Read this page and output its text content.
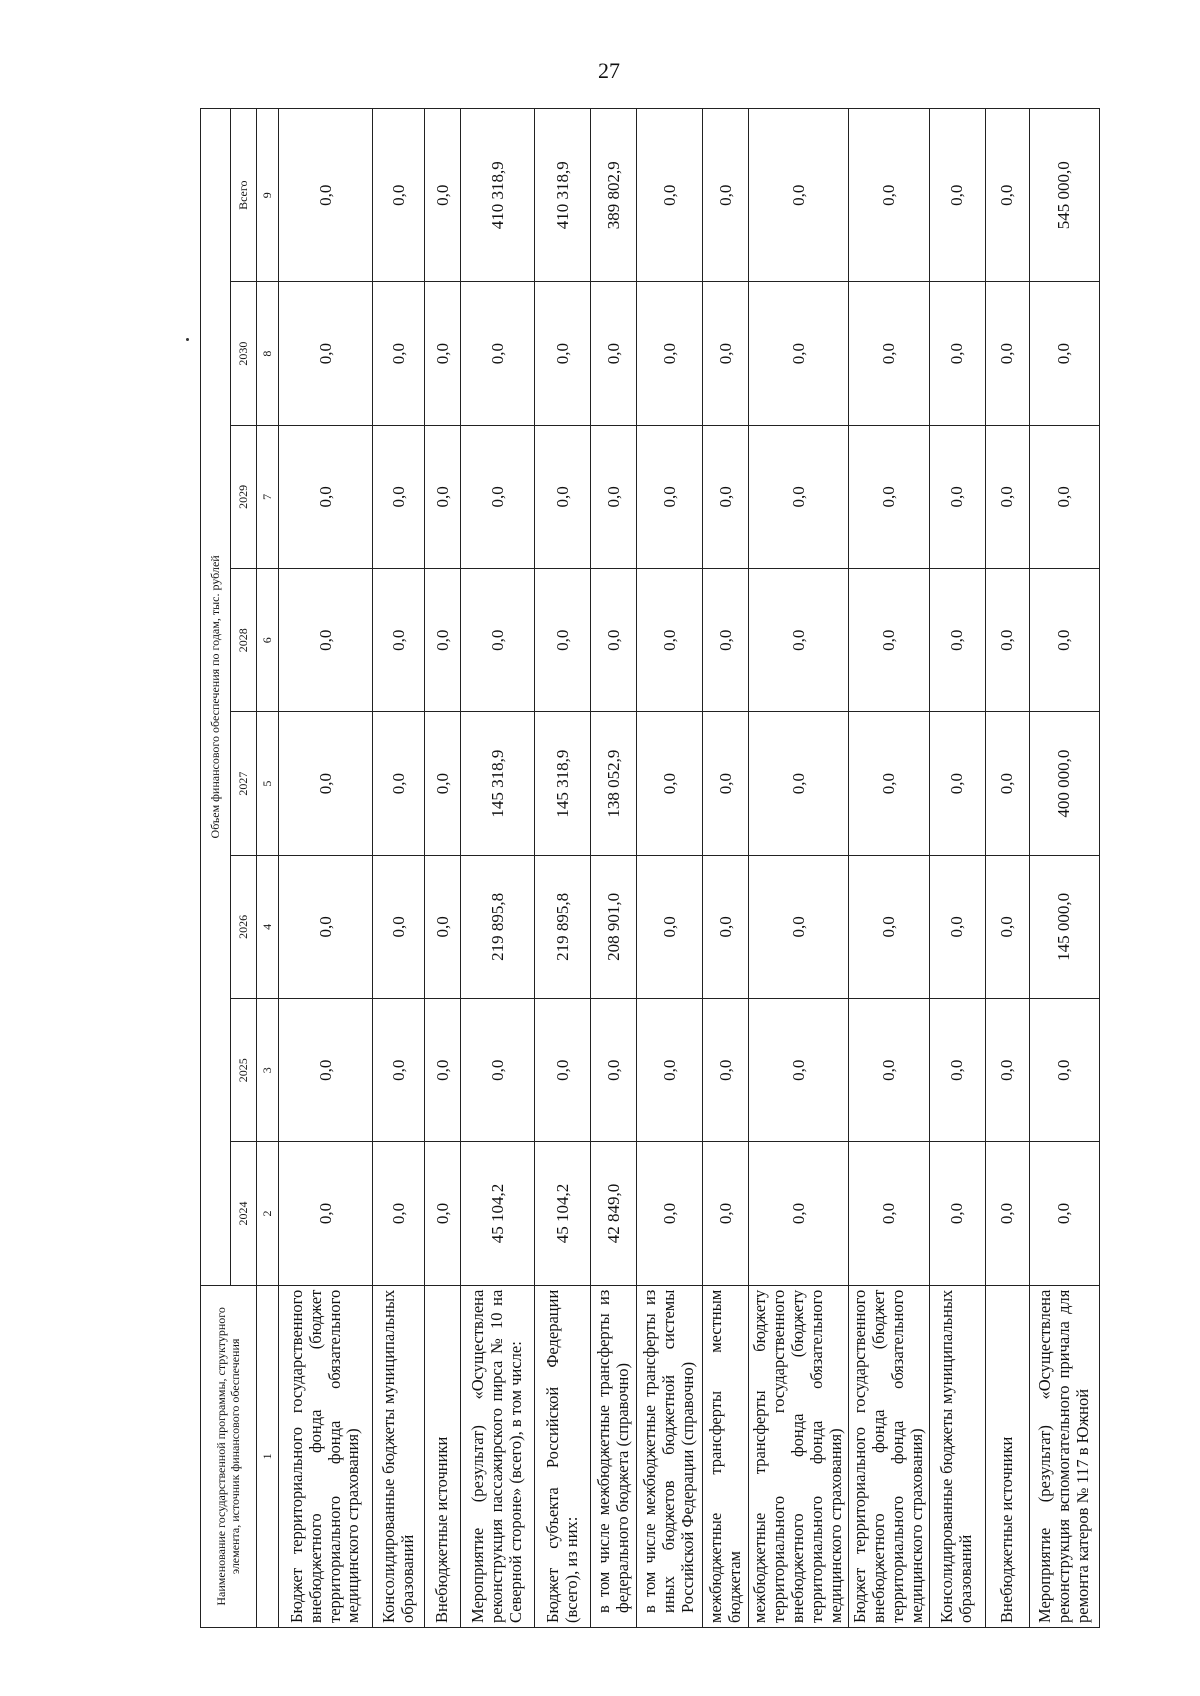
27
Наименование государственной программы, структурного элемента, источник финансового обеспечения	Объем финансового обеспечения по годам, тыс. рублей							
	2024	2025	2026	2027	2028	2029	2030	Всего
1	2	3	4	5	6	7	8	9
Бюджет территориального государственного внебюджетного фонда (бюджет территориального фонда обязательного медицинского страхования)	0,0	0,0	0,0	0,0	0,0	0,0	0,0	0,0
Консолидированные бюджеты муниципальных образований	0,0	0,0	0,0	0,0	0,0	0,0	0,0	0,0
Внебюджетные источники	0,0	0,0	0,0	0,0	0,0	0,0	0,0	0,0
Мероприятие (результат) «Осуществлена реконструкция пассажирского пирса № 10 на Северной стороне» (всего), в том числе:	45 104,2	0,0	219 895,8	145 318,9	0,0	0,0	0,0	410 318,9
Бюджет субъекта Российской Федерации (всего), из них:	45 104,2	0,0	219 895,8	145 318,9	0,0	0,0	0,0	410 318,9
в том числе межбюджетные трансферты из федерального бюджета (справочно)	42 849,0	0,0	208 901,0	138 052,9	0,0	0,0	0,0	389 802,9
в том числе межбюджетные трансферты из иных бюджетов бюджетной системы Российской Федерации (справочно)	0,0	0,0	0,0	0,0	0,0	0,0	0,0	0,0
межбюджетные трансферты местным бюджетам	0,0	0,0	0,0	0,0	0,0	0,0	0,0	0,0
межбюджетные трансферты бюджету территориального государственного внебюджетного фонда (бюджету территориального фонда обязательного медицинского страхования)	0,0	0,0	0,0	0,0	0,0	0,0	0,0	0,0
Бюджет территориального государственного внебюджетного фонда (бюджет территориального фонда обязательного медицинского страхования)	0,0	0,0	0,0	0,0	0,0	0,0	0,0	0,0
Консолидированные бюджеты муниципальных образований	0,0	0,0	0,0	0,0	0,0	0,0	0,0	0,0
Внебюджетные источники	0,0	0,0	0,0	0,0	0,0	0,0	0,0	0,0
Мероприятие (результат) «Осуществлена реконструкция вспомогательного причала для ремонта катеров № 117 в Южной	0,0	0,0	145 000,0	400 000,0	0,0	0,0	0,0	545 000,0
